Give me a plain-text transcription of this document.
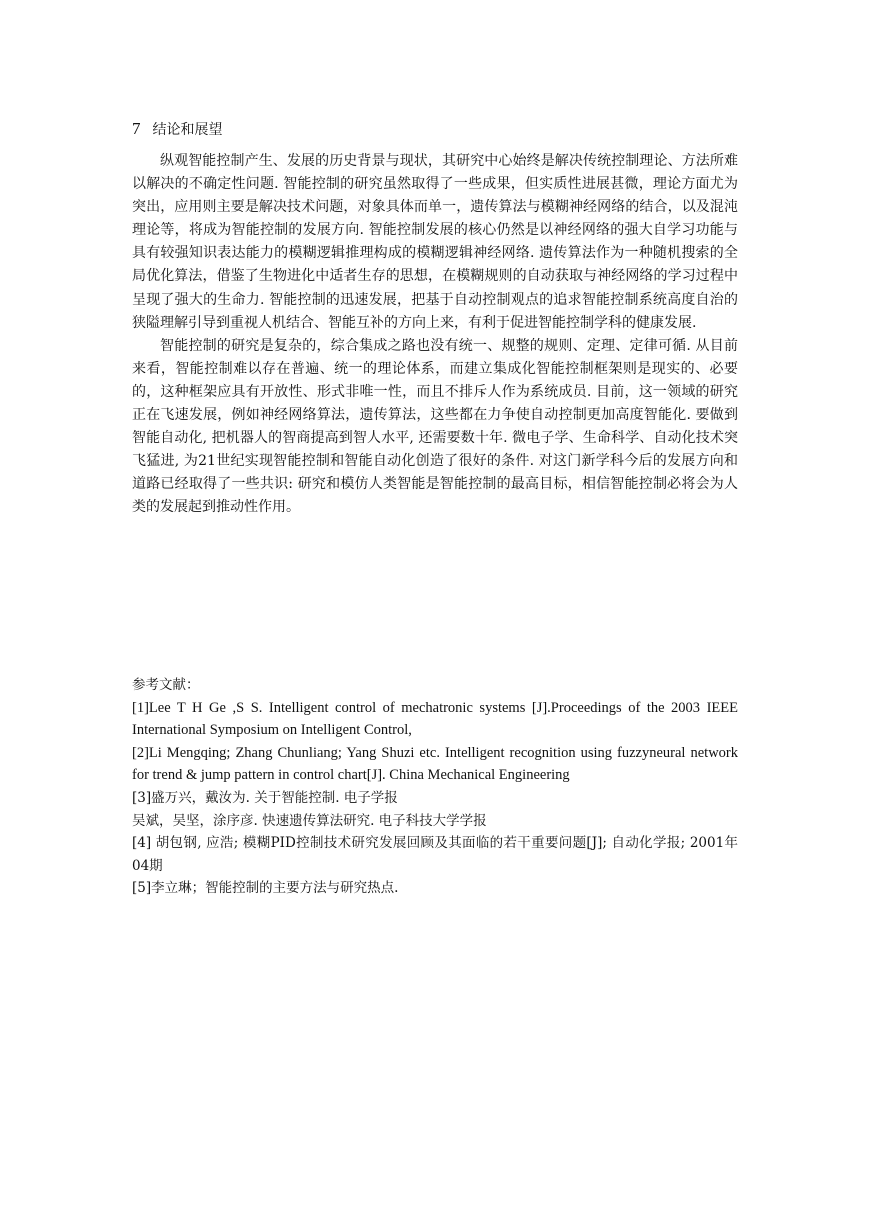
7 结论和展望

纵观智能控制产生、发展的历史背景与现状，其研究中心始终是解决传统控制理论、方法所难以解决的不确定性问题. 智能控制的研究虽然取得了一些成果，但实质性进展甚微，理论方面尤为突出，应用则主要是解决技术问题，对象具体而单一，遗传算法与模糊神经网络的结合，以及混沌理论等，将成为智能控制的发展方向. 智能控制发展的核心仍然是以神经网络的强大自学习功能与具有较强知识表达能力的模糊逻辑推理构成的模糊逻辑神经网络. 遗传算法作为一种随机搜索的全局优化算法，借鉴了生物进化中适者生存的思想，在模糊规则的自动获取与神经网络的学习过程中呈现了强大的生命力. 智能控制的迅速发展，把基于自动控制观点的追求智能控制系统高度自治的狭隘理解引导到重视人机结合、智能互补的方向上来，有利于促进智能控制学科的健康发展.

智能控制的研究是复杂的，综合集成之路也没有统一、规整的规则、定理、定律可循. 从目前来看，智能控制难以存在普遍、统一的理论体系，而建立集成化智能控制框架则是现实的、必要的，这种框架应具有开放性、形式非唯一性，而且不排斥人作为系统成员. 目前，这一领域的研究正在飞速发展，例如神经网络算法，遗传算法，这些都在力争使自动控制更加高度智能化. 要做到智能自动化, 把机器人的智商提高到智人水平, 还需要数十年. 微电子学、生命科学、自动化技术突飞猛进, 为21世纪实现智能控制和智能自动化创造了很好的条件. 对这门新学科今后的发展方向和道路已经取得了一些共识: 研究和模仿人类智能是智能控制的最高目标，相信智能控制必将会为人类的发展起到推动性作用。

参考文献：

[1]Lee T H Ge ,S S. Intelligent control of mechatronic systems [J].Proceedings of the 2003 IEEE International Symposium on Intelligent Control,

[2]Li Mengqing; Zhang Chunliang; Yang Shuzi etc. Intelligent recognition using fuzzyneural network for trend & jump pattern in control chart[J]. China Mechanical Engineering

[3]盛万兴，戴汝为. 关于智能控制. 电子学报

吴斌，吴坚，涂序彦. 快速遗传算法研究. 电子科技大学学报

[4] 胡包钢, 应浩; 模糊PID控制技术研究发展回顾及其面临的若干重要问题[J]; 自动化学报; 2001年04期

[5]李立琳；智能控制的主要方法与研究热点.
